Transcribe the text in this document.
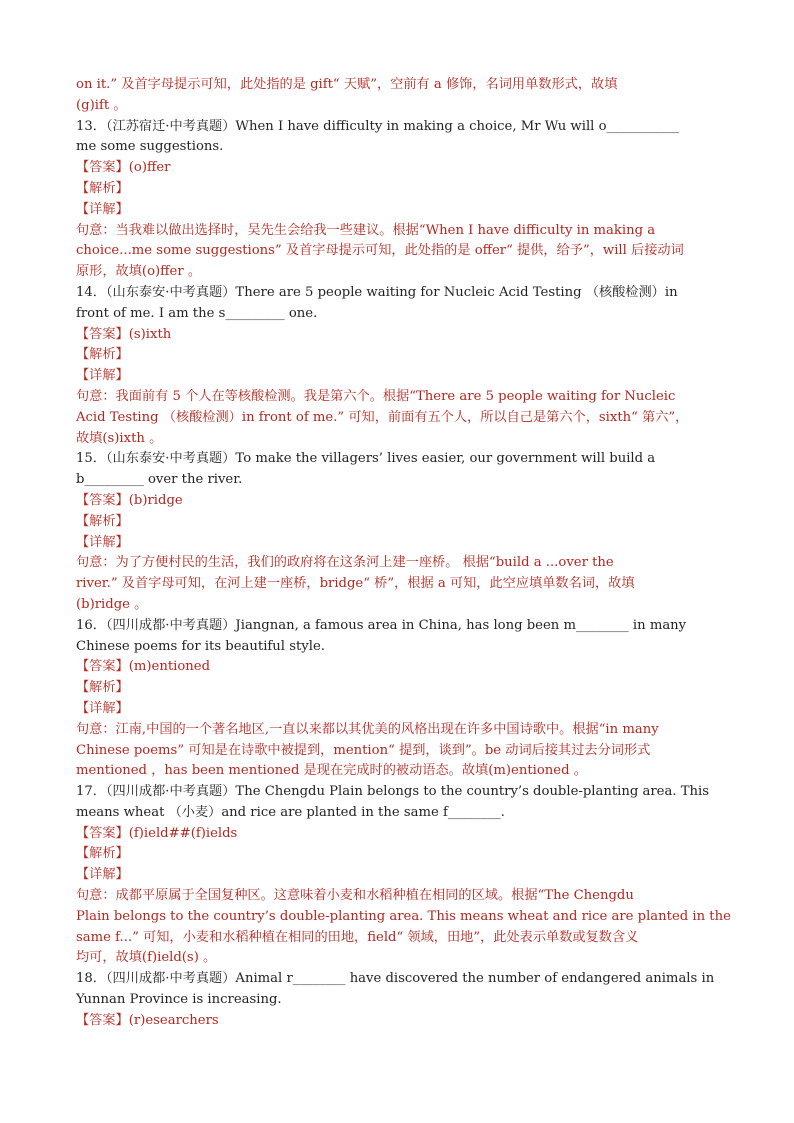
on it.” 及首字母提示可知，此处指的是 gift“ 天赋”，空前有 a 修饰，名词用单数形式，故填
(g)ift 。
13．（江苏宿迁·中考真题）When I have difficulty in making a choice, Mr Wu will o___________
me some suggestions.
【答案】(o)ffer
【解析】
【详解】
句意：当我难以做出选择时，吴先生会给我一些建议。根据“When I have difficulty in making a
choice...me some suggestions” 及首字母提示可知，此处指的是 offer“ 提供，给予”，will 后接动词
原形，故填(o)ffer 。
14．（山东泰安·中考真题）There are 5 people waiting for Nucleic Acid Testing （核酸检测）in
front of me. I am the s_________ one.
【答案】(s)ixth
【解析】
【详解】
句意：我面前有 5 个人在等核酸检测。我是第六个。根据“There are 5 people waiting for Nucleic
Acid Testing （核酸检测）in front of me.” 可知，前面有五个人，所以自己是第六个，sixth“ 第六”，
故填(s)ixth 。
15．（山东泰安·中考真题）To make the villagers’ lives easier, our government will build a
b_________ over the river.
【答案】(b)ridge
【解析】
【详解】
句意：为了方便村民的生活，我们的政府将在这条河上建一座桥。 根据“build a ...over the
river.” 及首字母可知，在河上建一座桥，bridge“ 桥”，根据 a 可知，此空应填单数名词，故填
(b)ridge 。
16．（四川成都·中考真题）Jiangnan, a famous area in China, has long been m________ in many
Chinese poems for its beautiful style.
【答案】(m)entioned
【解析】
【详解】
句意：江南,中国的一个著名地区,一直以来都以其优美的风格出现在许多中国诗歌中。根据“in many
Chinese poems” 可知是在诗歌中被提到，mention“ 提到，谈到”。be 动词后接其过去分词形式
mentioned ，has been mentioned 是现在完成时的被动语态。故填(m)entioned 。
17．（四川成都·中考真题）The Chengdu Plain belongs to the country’s double-planting area. This
means wheat （小麦）and rice are planted in the same f________.
【答案】(f)ield##(f)ields
【解析】
【详解】
句意：成都平原属于全国复种区。这意味着小麦和水稻种植在相同的区域。根据“The Chengdu
Plain belongs to the country’s double-planting area. This means wheat and rice are planted in the
same f...” 可知，小麦和水稻种植在相同的田地，field“ 领域，田地”，此处表示单数或复数含义
均可，故填(f)ield(s) 。
18．（四川成都·中考真题）Animal r________ have discovered the number of endangered animals in
Yunnan Province is increasing.
【答案】(r)esearchers
